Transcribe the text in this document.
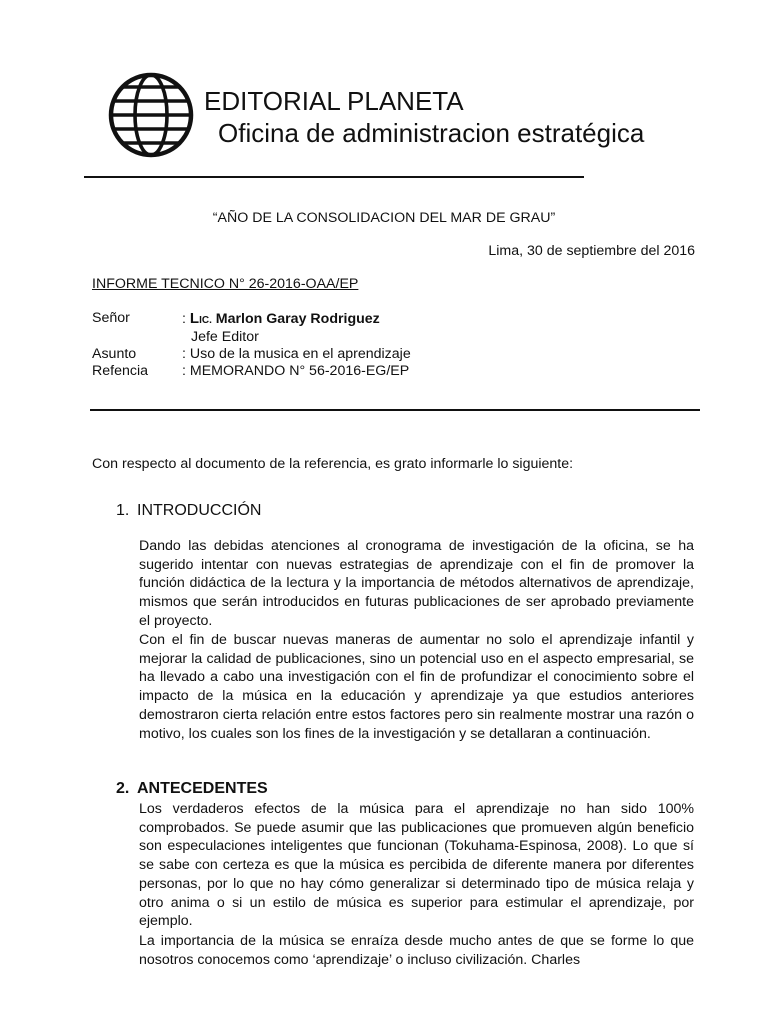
EDITORIAL PLANETA
Oficina de administracion estratégica
“AÑO DE LA CONSOLIDACION DEL MAR DE GRAU”
Lima, 30 de septiembre del 2016
INFORME TECNICO N° 26-2016-OAA/EP
Señor	: LIC. Marlon Garay Rodriguez
Jefe Editor
Asunto	: Uso de la musica en el aprendizaje
Refencia	: MEMORANDO N° 56-2016-EG/EP
Con respecto al documento de la referencia, es grato informarle lo siguiente:
1. INTRODUCCIÓN

Dando las debidas atenciones al cronograma de investigación de la oficina, se ha sugerido intentar con nuevas estrategias de aprendizaje con el fin de promover la función didáctica de la lectura y la importancia de métodos alternativos de aprendizaje, mismos que serán introducidos en futuras publicaciones de ser aprobado previamente el proyecto.

Con el fin de buscar nuevas maneras de aumentar no solo el aprendizaje infantil y mejorar la calidad de publicaciones, sino un potencial uso en el aspecto empresarial, se ha llevado a cabo una investigación con el fin de profundizar el conocimiento sobre el impacto de la música en la educación y aprendizaje ya que estudios anteriores demostraron cierta relación entre estos factores pero sin realmente mostrar una razón o motivo, los cuales son los fines de la investigación y se detallaran a continuación.

2. ANTECEDENTES

Los verdaderos efectos de la música para el aprendizaje no han sido 100% comprobados. Se puede asumir que las publicaciones que promueven algún beneficio son especulaciones inteligentes que funcionan (Tokuhama-Espinosa, 2008). Lo que sí se sabe con certeza es que la música es percibida de diferente manera por diferentes personas, por lo que no hay cómo generalizar si determinado tipo de música relaja y otro anima o si un estilo de música es superior para estimular el aprendizaje, por ejemplo.

La importancia de la música se enraíza desde mucho antes de que se forme lo que nosotros conocemos como ‘aprendizaje’ o incluso civilización. Charles
